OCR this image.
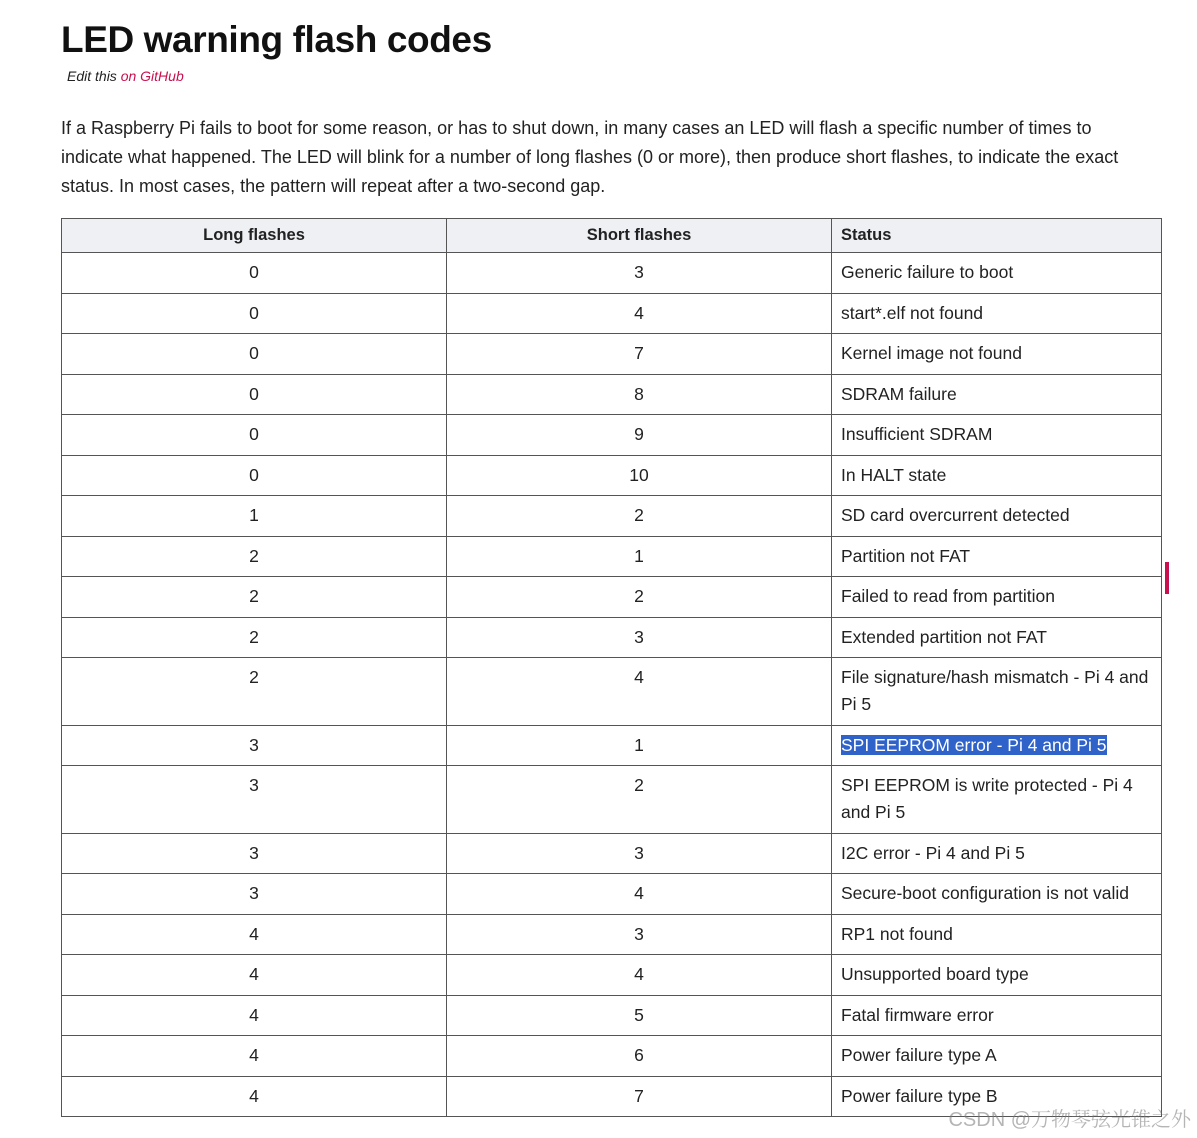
LED warning flash codes
Edit this on GitHub

If a Raspberry Pi fails to boot for some reason, or has to shut down, in many cases an LED will flash a specific number of times to indicate what happened. The LED will blink for a number of long flashes (0 or more), then produce short flashes, to indicate the exact status. In most cases, the pattern will repeat after a two-second gap.

Long flashes	Short flashes	Status
0	3	Generic failure to boot
0	4	start*.elf not found
0	7	Kernel image not found
0	8	SDRAM failure
0	9	Insufficient SDRAM
0	10	In HALT state
1	2	SD card overcurrent detected
2	1	Partition not FAT
2	2	Failed to read from partition
2	3	Extended partition not FAT
2	4	File signature/hash mismatch - Pi 4 and Pi 5
3	1	SPI EEPROM error - Pi 4 and Pi 5
3	2	SPI EEPROM is write protected - Pi 4 and Pi 5
3	3	I2C error - Pi 4 and Pi 5
3	4	Secure-boot configuration is not valid
4	3	RP1 not found
4	4	Unsupported board type
4	5	Fatal firmware error
4	6	Power failure type A
4	7	Power failure type B
CSDN @万物琴弦光锥之外
